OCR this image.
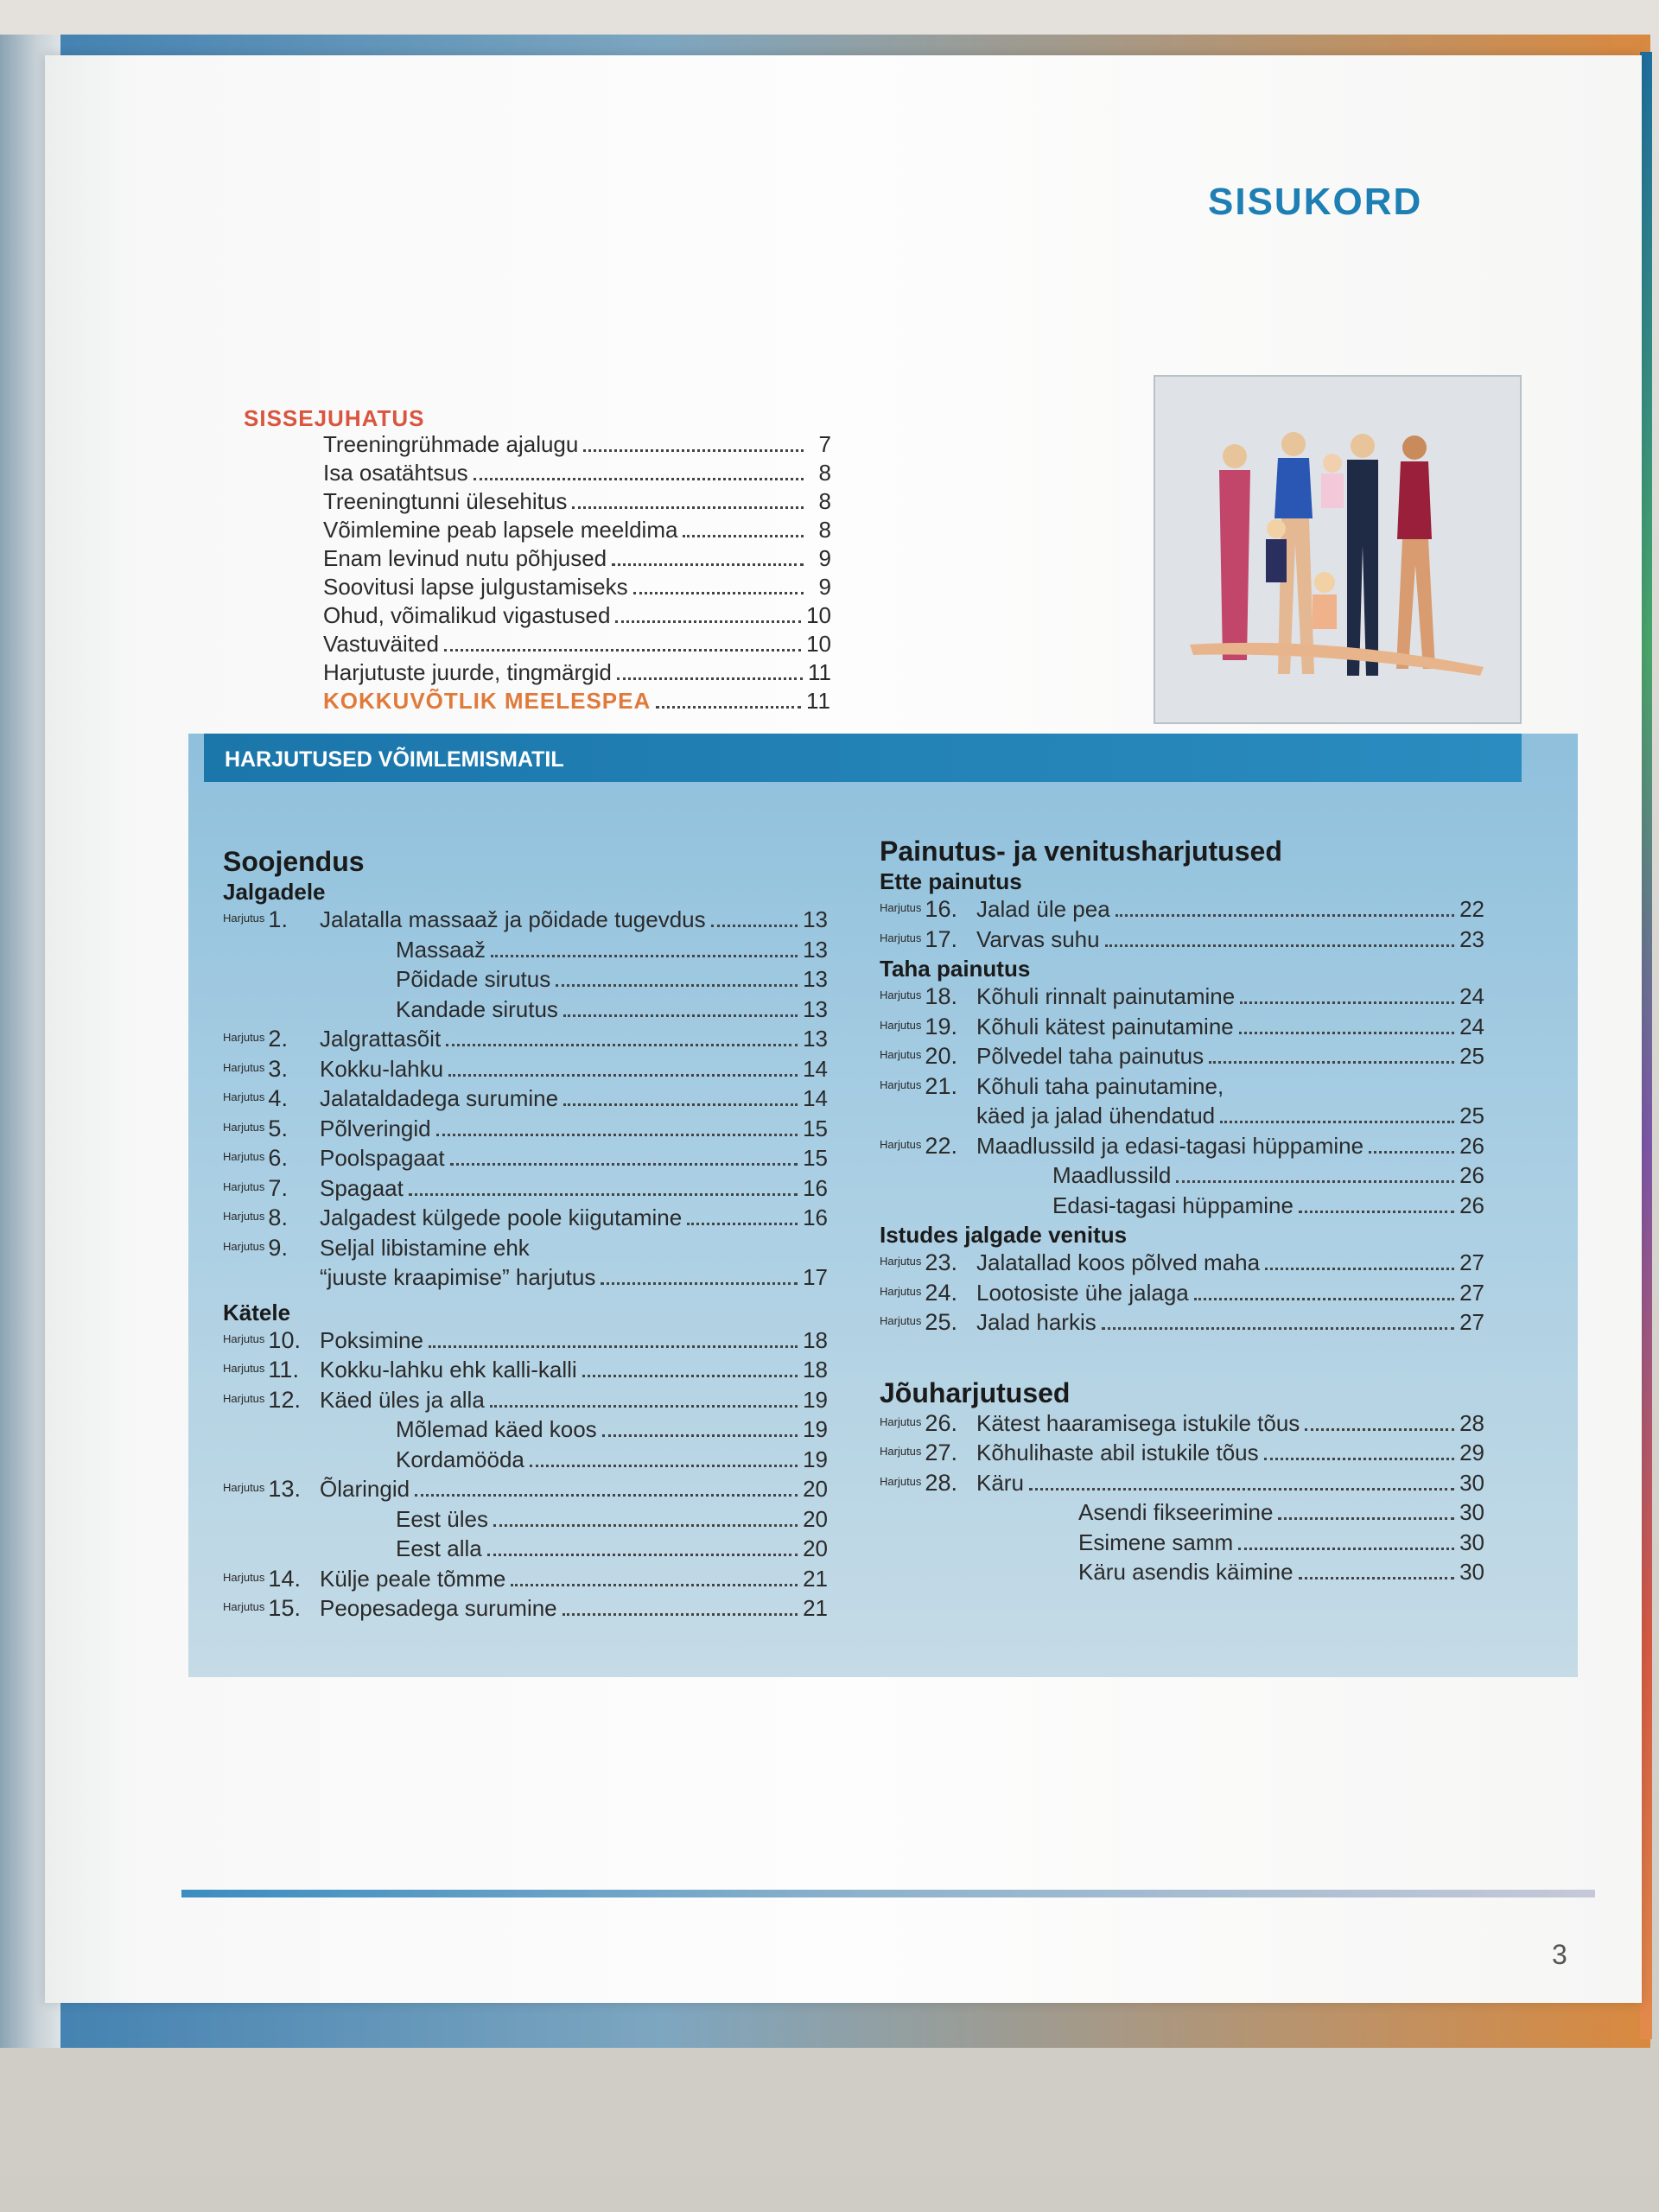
SISUKORD
SISSEJUHATUS
Treeningrühmade ajalugu	7
Isa osatähtsus	8
Treeningtunni ülesehitus	8
Võimlemine peab lapsele meeldima	8
Enam levinud nutu põhjused	9
Soovitusi lapse julgustamiseks	9
Ohud, võimalikud vigastused	10
Vastuväited	10
Harjutuste juurde, tingmärgid	11
KOKKUVÕTLIK MEELESPEA	11
HARJUTUSED VÕIMLEMISMATIL
Soojendus
Jalgadele
$^{Harjutus}$ 1.	Jalatalla massaaž ja põidade tugevdus	13
Massaaž	13
Põidade sirutus	13
Kandade sirutus	13
$^{Harjutus}$ 2.	Jalgrattasõit	13
$^{Harjutus}$ 3.	Kokku-lahku	14
$^{Harjutus}$ 4.	Jalataldadega surumine	14
$^{Harjutus}$ 5.	Põlveringid	15
$^{Harjutus}$ 6.	Poolspagaat	15
$^{Harjutus}$ 7.	Spagaat	16
$^{Harjutus}$ 8.	Jalgadest külgede poole kiigutamine	16
$^{Harjutus}$ 9.	Seljal libistamine ehk
“juuste kraapimise” harjutus	17
Kätele
$^{Harjutus}$ 10. Poksimine	18
$^{Harjutus}$ 11. Kokku-lahku ehk kalli-kalli	18
$^{Harjutus}$ 12. Käed üles ja alla	19
Mõlemad käed koos	19
Kordamööda	19
$^{Harjutus}$ 13. Õlaringid	20
Eest üles	20
Eest alla	20
$^{Harjutus}$ 14. Külje peale tõmme	21
$^{Harjutus}$ 15. Peopesadega surumine	21
Painutus- ja venitusharjutused
Ette painutus
$^{Harjutus}$ 16. Jalad üle pea	22
$^{Harjutus}$ 17. Varvas suhu	23
Taha painutus
$^{Harjutus}$ 18. Kõhuli rinnalt painutamine	24
$^{Harjutus}$ 19. Kõhuli kätest painutamine	24
$^{Harjutus}$ 20. Põlvedel taha painutus	25
$^{Harjutus}$ 21. Kõhuli taha painutamine,
käed ja jalad ühendatud	25
$^{Harjutus}$ 22. Maadlussild ja edasi-tagasi hüppamine	26
Maadlussild	26
Edasi-tagasi hüppamine	26
Istudes jalgade venitus
$^{Harjutus}$ 23. Jalatallad koos põlved maha	27
$^{Harjutus}$ 24. Lootosiste ühe jalaga	27
$^{Harjutus}$ 25. Jalad harkis	27
Jõuharjutused
$^{Harjutus}$ 26. Kätest haaramisega istukile tõus	28
$^{Harjutus}$ 27. Kõhulihaste abil istukile tõus	29
$^{Harjutus}$ 28. Käru	30
Asendi fikseerimine	30
Esimene samm	30
Käru asendis käimine	30
3
